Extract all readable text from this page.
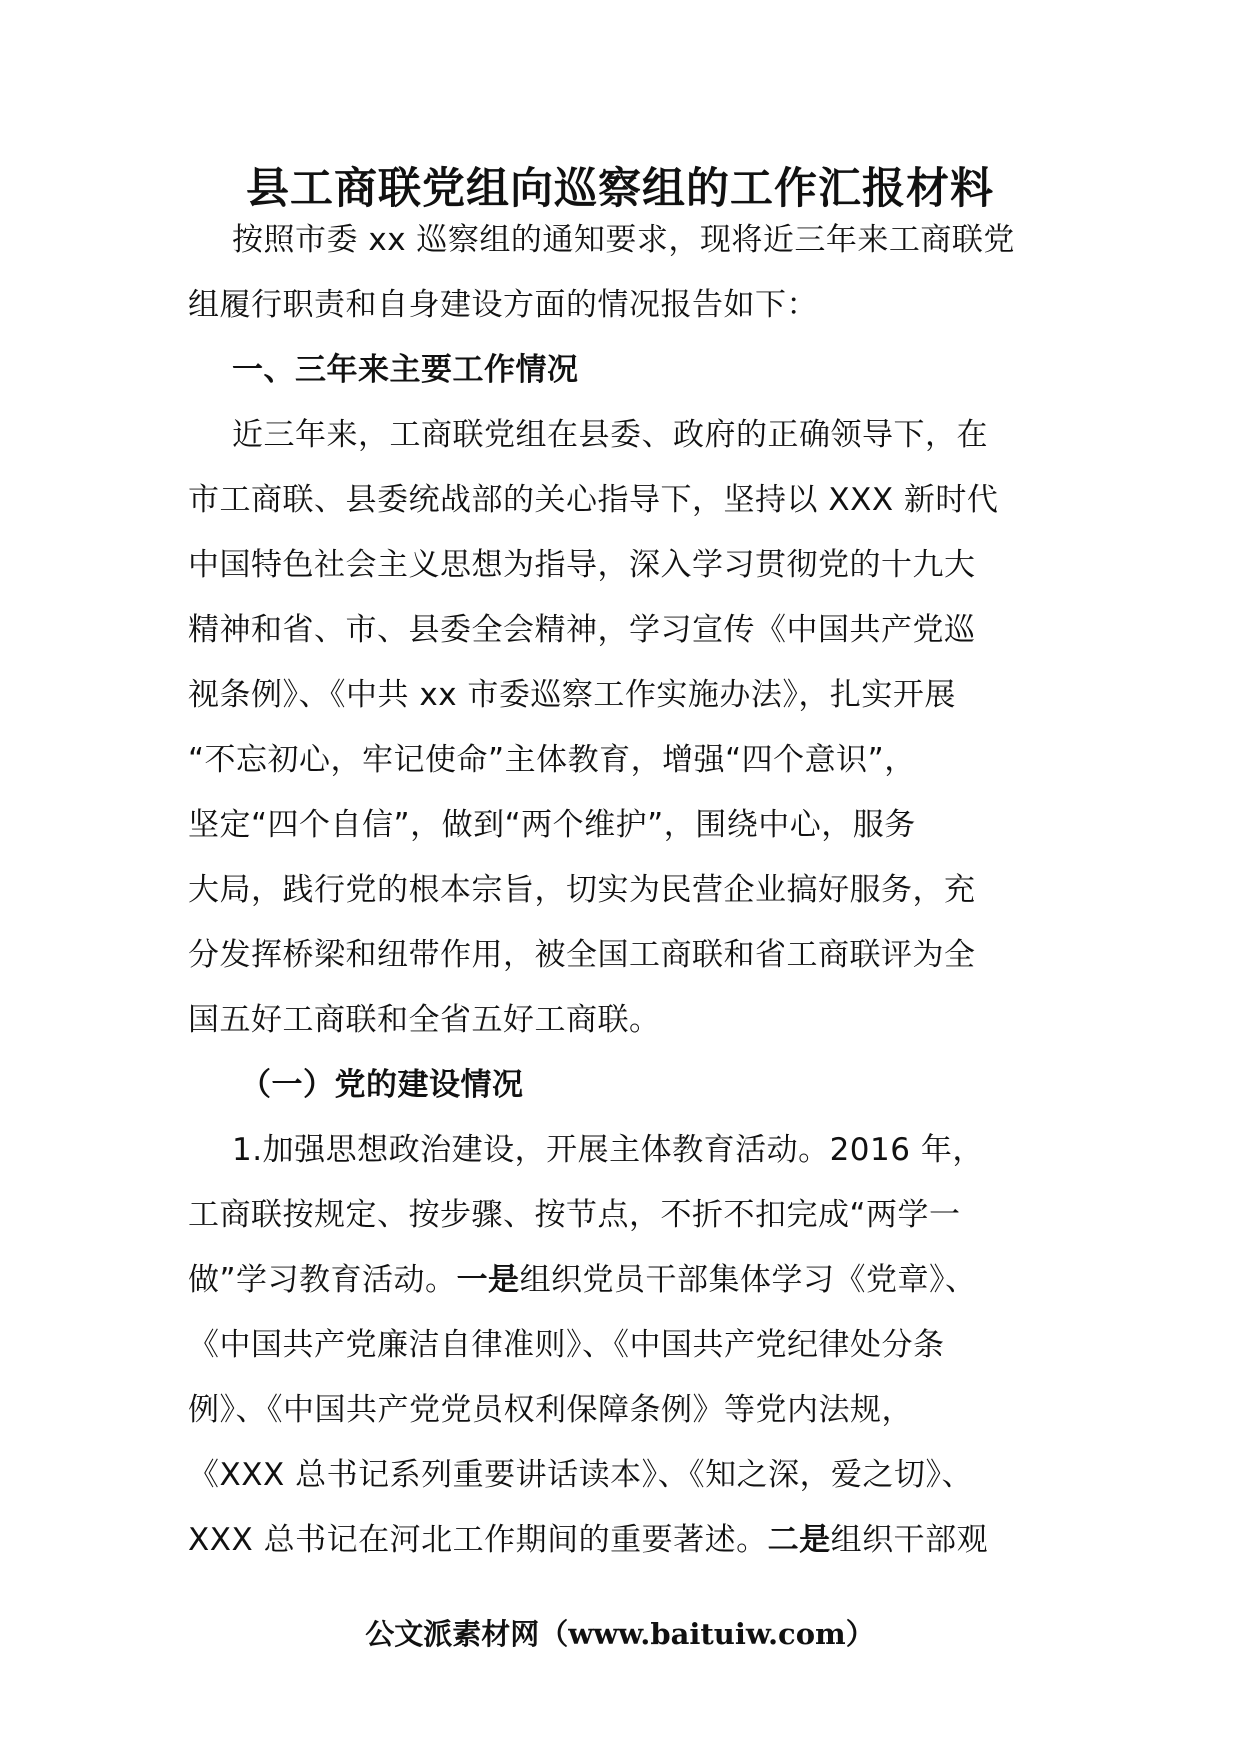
县工商联党组向巡察组的工作汇报材料
按照市委 xx 巡察组的通知要求，现将近三年来工商联党
组履行职责和自身建设方面的情况报告如下：
一、三年来主要工作情况
近三年来，工商联党组在县委、政府的正确领导下，在
市工商联、县委统战部的关心指导下，坚持以 XXX 新时代
中国特色社会主义思想为指导，深入学习贯彻党的十九大
精神和省、市、县委全会精神，学习宣传《中国共产党巡
视条例》、《中共 xx 市委巡察工作实施办法》，扎实开展
“不忘初心，牢记使命”主体教育，增强“四个意识”，
坚定“四个自信”，做到“两个维护”，围绕中心，服务
大局，践行党的根本宗旨，切实为民营企业搞好服务，充
分发挥桥梁和纽带作用，被全国工商联和省工商联评为全
国五好工商联和全省五好工商联。
（一）党的建设情况
1.加强思想政治建设，开展主体教育活动。2016 年，
工商联按规定、按步骤、按节点，不折不扣完成“两学一
做”学习教育活动。一是组织党员干部集体学习《党章》、
《中国共产党廉洁自律准则》、《中国共产党纪律处分条
例》、《中国共产党党员权利保障条例》等党内法规，
《XXX 总书记系列重要讲话读本》、《知之深，爱之切》、
XXX 总书记在河北工作期间的重要著述。二是组织干部观
公文派素材网（www.baituiw.com）
